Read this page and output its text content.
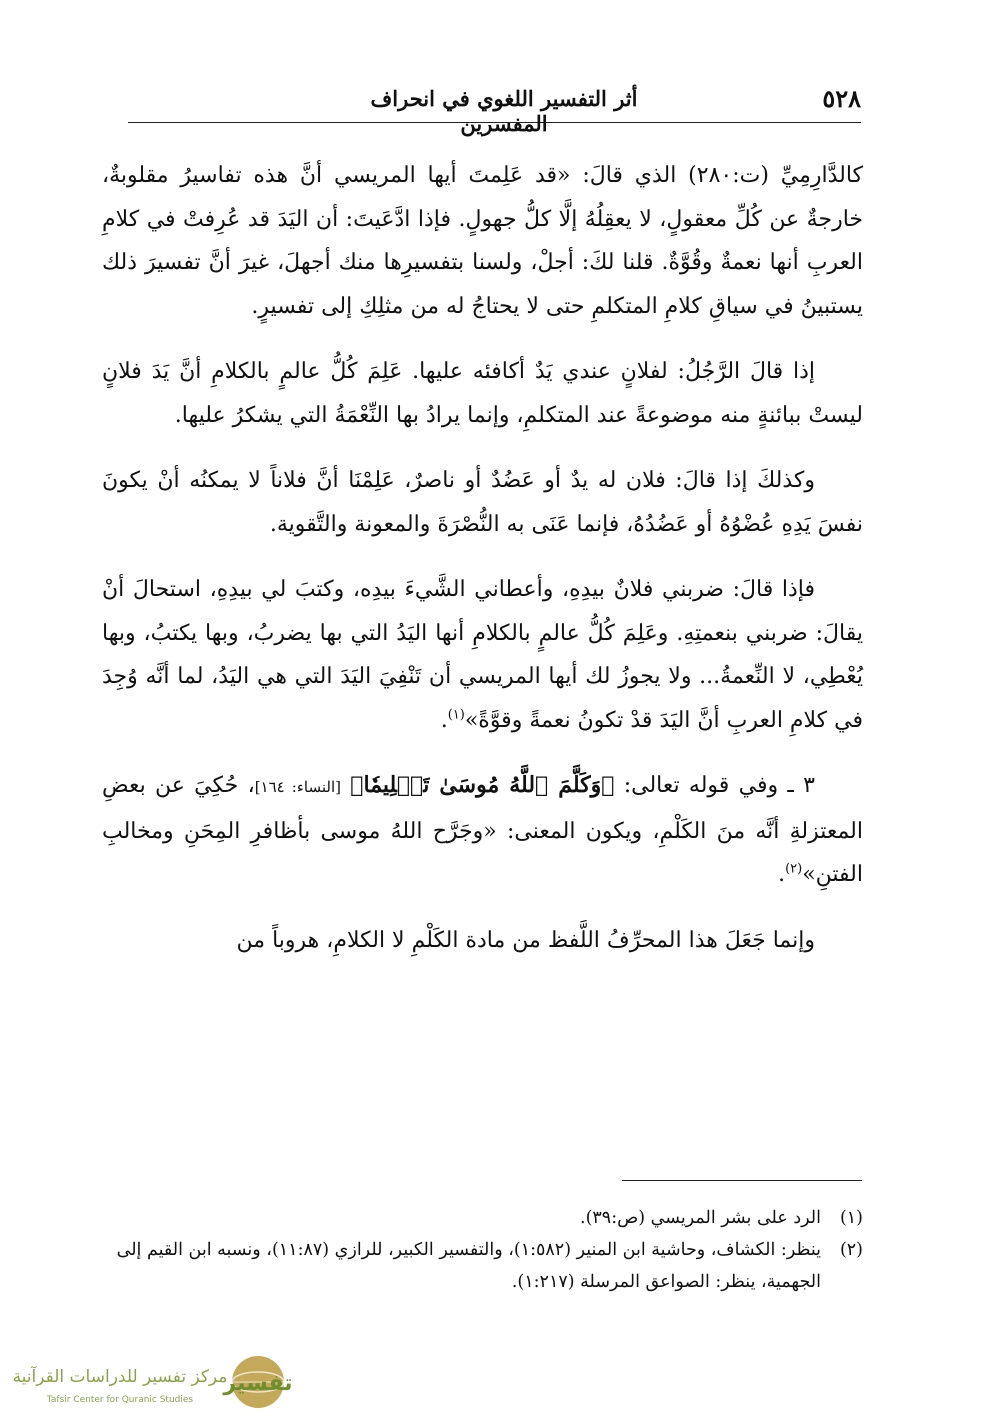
٥٢٨
أثر التفسير اللغوي في انحراف المفسرين

كالدَّارِمِيِّ (ت:٢٨٠) الذي قالَ: «قد عَلِمتَ أيها المريسي أنَّ هذه تفاسيرُ مقلوبةٌ، خارجةٌ عن كُلِّ معقولٍ، لا يعقِلُهُ إلَّا كلُّ جهولٍ. فإذا ادَّعَيتَ: أن اليَدَ قد عُرِفتْ في كلامِ العربِ أنها نعمةٌ وقُوَّةٌ. قلنا لكَ: أجلْ، ولسنا بتفسيرِها منك أجهلَ، غيرَ أنَّ تفسيرَ ذلك يستبينُ في سياقِ كلامِ المتكلمِ حتى لا يحتاجُ له من مثلِكِ إلى تفسيرٍ.

إذا قالَ الرَّجُلُ: لفلانٍ عندي يَدٌ أكافئه عليها. عَلِمَ كُلُّ عالمٍ بالكلامِ أنَّ يَدَ فلانٍ ليستْ ببائنةٍ منه موضوعةً عند المتكلمِ، وإنما يرادُ بها النِّعْمَةُ التي يشكرُ عليها.

وكذلكَ إذا قالَ: فلان له يدٌ أو عَضُدٌ أو ناصرٌ، عَلِمْنَا أنَّ فلاناً لا يمكنُه أنْ يكونَ نفسَ يَدِهِ عُضْوُهُ أو عَضُدُهُ، فإنما عَنَى به النُّصْرَةَ والمعونة والتَّقوية.

فإذا قالَ: ضربني فلانٌ بيدِهِ، وأعطاني الشَّيءَ بيدِه، وكتبَ لي بيدِهِ، استحالَ أنْ يقالَ: ضربني بنعمتِهِ. وعَلِمَ كُلُّ عالمٍ بالكلامِ أنها اليَدُ التي بها يضربُ، وبها يكتبُ، وبها يُعْطِي، لا النِّعمةُ... ولا يجوزُ لك أيها المريسي أن تَنْفِيَ اليَدَ التي هي اليَدُ، لما أنَّه وُجِدَ في كلامِ العربِ أنَّ اليَدَ قدْ تكونُ نعمةً وقوَّةً»$^{(١)}$.

٣ ـ وفي قوله تعالى: ﴿وَكَلَّمَ ٱللَّهُ مُوسَىٰ تَكۡلِيمٗا﴾ [النساء: ١٦٤]، حُكِيَ عن بعضِ المعتزلةِ أنَّه منَ الكَلْمِ، ويكون المعنى: «وجَرَّح اللهُ موسى بأظافرِ المِحَنِ ومخالبِ الفتنِ»$^{(٢)}$.

وإنما جَعَلَ هذا المحرِّفُ اللَّفظ من مادة الكَلْمِ لا الكلامِ، هروباً من

(١)
الرد على بشر المريسي (ص:٣٩).
(٢)
ينظر: الكشاف، وحاشية ابن المنير (١:٥٨٢)، والتفسير الكبير، للرازي (١١:٨٧)، ونسبه ابن القيم إلى الجهمية، ينظر: الصواعق المرسلة (١:٢١٧).
تفسير
مركز تفسير للدراسات القرآنية
Tafsir Center for Quranic Studies
